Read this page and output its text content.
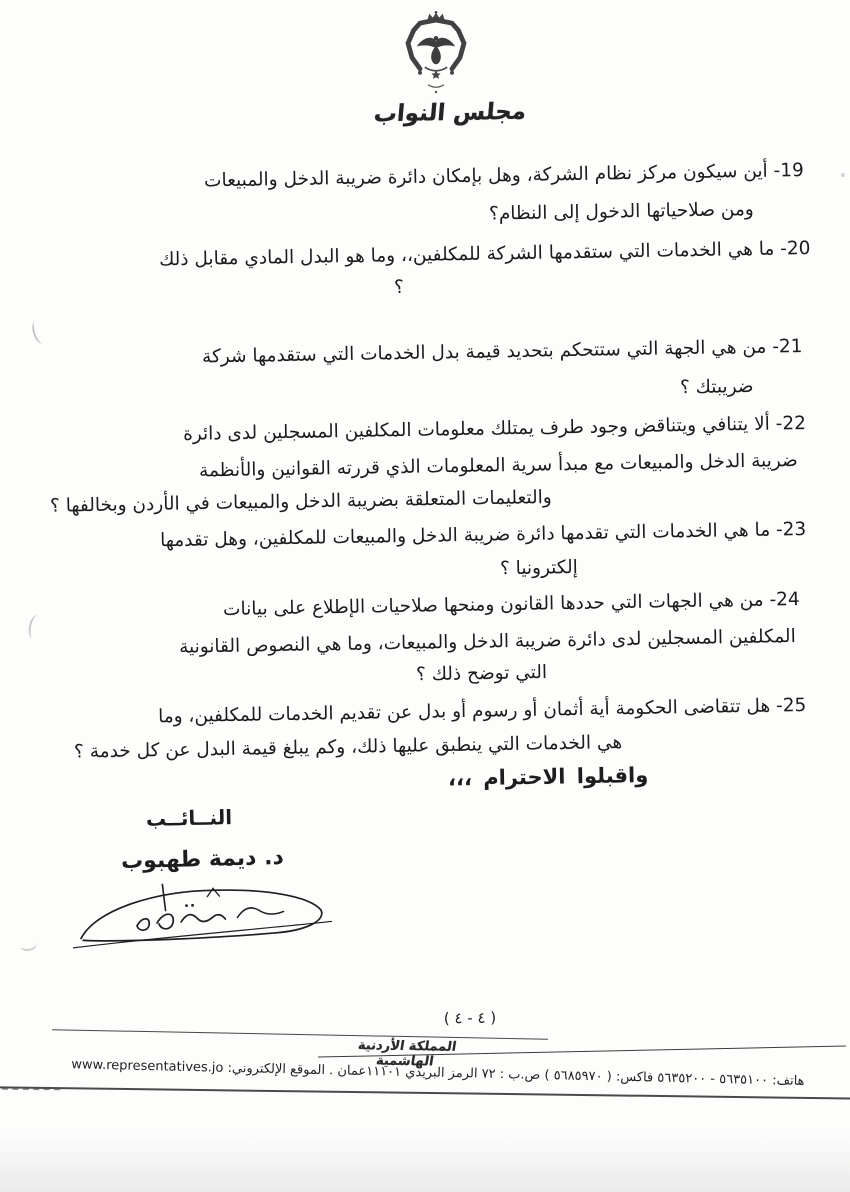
مجلس النواب
19- أين سيكون مركز نظام الشركة، وهل بإمكان دائرة ضريبة الدخل والمبيعات
ومن صلاحياتها الدخول إلى النظام؟
20- ما هي الخدمات التي ستقدمها الشركة للمكلفين،، وما هو البدل المادي مقابل ذلك
؟
21- من هي الجهة التي ستتحكم بتحديد قيمة بدل الخدمات التي ستقدمها شركة
ضريبتك ؟
22- ألا يتنافي ويتناقض وجود طرف يمتلك معلومات المكلفين المسجلين لدى دائرة
ضريبة الدخل والمبيعات مع مبدأ سرية المعلومات الذي قررته القوانين والأنظمة
والتعليمات المتعلقة بضريبة الدخل والمبيعات في الأردن وبخالفها ؟
23- ما هي الخدمات التي تقدمها دائرة ضريبة الدخل والمبيعات للمكلفين، وهل تقدمها
إلكترونيا ؟
24- من هي الجهات التي حددها القانون ومنحها صلاحيات الإطلاع على بيانات
المكلفين المسجلين لدى دائرة ضريبة الدخل والمبيعات، وما هي النصوص القانونية
التي توضح ذلك ؟
25- هل تتقاضى الحكومة أية أثمان أو رسوم أو بدل عن تقديم الخدمات للمكلفين، وما
هي الخدمات التي ينطبق عليها ذلك، وكم يبلغ قيمة البدل عن كل خدمة ؟
واقبلوا الاحترام ،،،
النــائــب
د. ديمة طهبوب
( ٤ - ٤ )
المملكة الأردنية الهاشمية
هاتف: ٥٦٣٥١٠٠ - ٥٦٣٥٢٠٠ فاكس: ( ٥٦٨٥٩٧٠ ) ص.ب : ٧٢ الرمز البريدي ١١١٠١عمان . الموقع الإلكتروني: www.representatives.jo
